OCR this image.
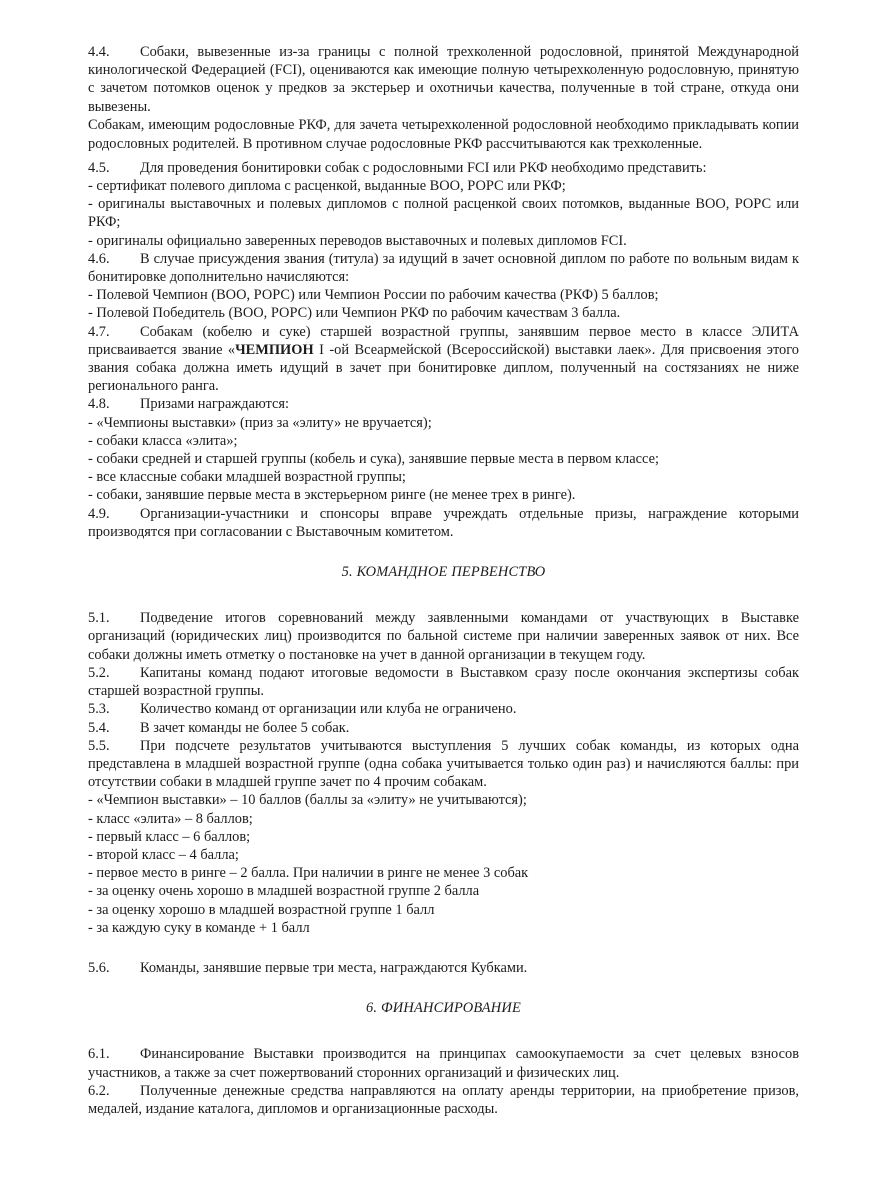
4.4. Собаки, вывезенные из-за границы с полной трехколенной родословной, принятой Международной кинологической Федерацией (FCI), оцениваются как имеющие полную четырехколенную родословную, принятую с зачетом потомков оценок у предков за экстерьер и охотничьи качества, полученные в той стране, откуда они вывезены.

Собакам, имеющим родословные РКФ, для зачета четырехколенной родословной необходимо прикладывать копии родословных родителей. В противном случае родословные РКФ рассчитываются как трехколенные.

4.5. Для проведения бонитировки собак с родословными FCI или РКФ необходимо представить:

- сертификат полевого диплома с расценкой, выданные ВОО, РОРС или РКФ;

- оригиналы выставочных и полевых дипломов с полной расценкой своих потомков, выданные ВОО, РОРС или РКФ;

- оригиналы официально заверенных переводов выставочных и полевых дипломов FCI.

4.6. В случае присуждения звания (титула) за идущий в зачет основной диплом по работе по вольным видам к бонитировке дополнительно начисляются:

- Полевой Чемпион (ВОО, РОРС) или Чемпион России по рабочим качества (РКФ) 5 баллов;

- Полевой Победитель (ВОО, РОРС) или Чемпион РКФ по рабочим качествам 3 балла.

4.7. Собакам (кобелю и суке) старшей возрастной группы, занявшим первое место в классе ЭЛИТА присваивается звание «ЧЕМПИОН I -ой Всеармейской (Всероссийской) выставки лаек». Для присвоения этого звания собака должна иметь идущий в зачет при бонитировке диплом, полученный на состязаниях не ниже регионального ранга.

4.8. Призами награждаются:

- «Чемпионы выставки» (приз за «элиту» не вручается);

- собаки класса «элита»;

- собаки средней и старшей группы (кобель и сука), занявшие первые места в первом классе;

- все классные собаки младшей возрастной группы;

- собаки, занявшие первые места в экстерьерном ринге (не менее трех в ринге).

4.9. Организации-участники и спонсоры вправе учреждать отдельные призы, награждение которыми производятся при согласовании с Выставочным комитетом.

5. КОМАНДНОЕ ПЕРВЕНСТВО

5.1. Подведение итогов соревнований между заявленными командами от участвующих в Выставке организаций (юридических лиц) производится по бальной системе при наличии заверенных заявок от них. Все собаки должны иметь отметку о постановке на учет в данной организации в текущем году.

5.2. Капитаны команд подают итоговые ведомости в Выставком сразу после окончания экспертизы собак старшей возрастной группы.

5.3. Количество команд от организации или клуба не ограничено.

5.4. В зачет команды не более 5 собак.

5.5. При подсчете результатов учитываются выступления 5 лучших собак команды, из которых одна представлена в младшей возрастной группе (одна собака учитывается только один раз) и начисляются баллы: при отсутствии собаки в младшей группе зачет по 4 прочим собакам.

- «Чемпион выставки» – 10 баллов (баллы за «элиту» не учитываются);

- класс «элита» – 8 баллов;

- первый класс – 6 баллов;

- второй класс – 4 балла;

- первое место в ринге – 2 балла. При наличии в ринге не менее 3 собак

- за оценку очень хорошо в младшей возрастной группе 2 балла

- за оценку хорошо в младшей возрастной группе 1 балл

- за каждую суку в команде + 1 балл

5.6. Команды, занявшие первые три места, награждаются Кубками.

6. ФИНАНСИРОВАНИЕ

6.1. Финансирование Выставки производится на принципах самоокупаемости за счет целевых взносов участников, а также за счет пожертвований сторонних организаций и физических лиц.

6.2. Полученные денежные средства направляются на оплату аренды территории, на приобретение призов, медалей, издание каталога, дипломов и организационные расходы.
